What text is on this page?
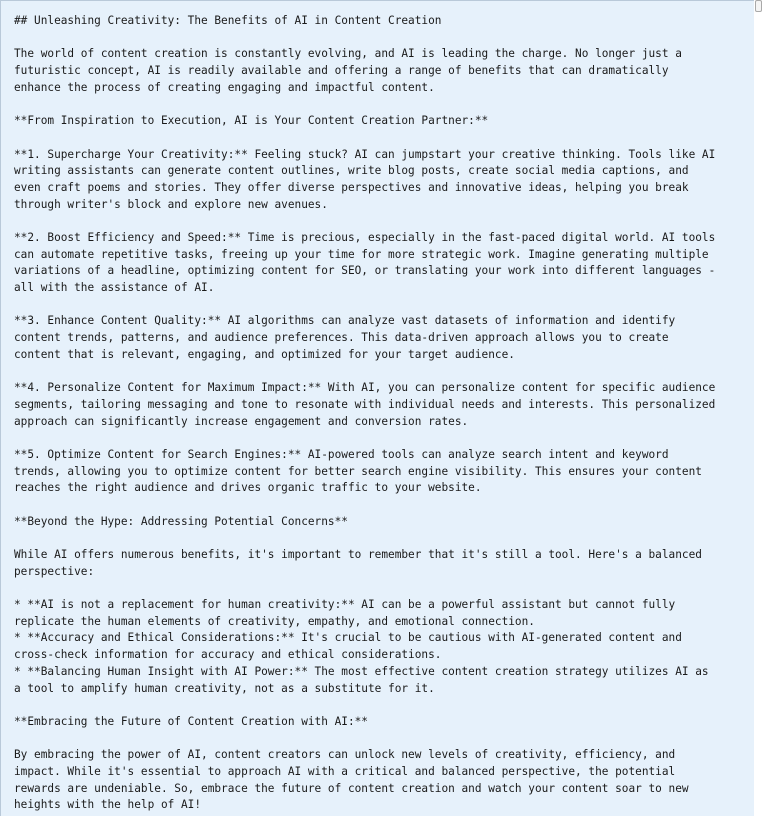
## Unleashing Creativity: The Benefits of AI in Content Creation
The world of content creation is constantly evolving, and AI is leading the charge. No longer just a
futuristic concept, AI is readily available and offering a range of benefits that can dramatically
enhance the process of creating engaging and impactful content.
**From Inspiration to Execution, AI is Your Content Creation Partner:**
**1. Supercharge Your Creativity:** Feeling stuck? AI can jumpstart your creative thinking. Tools like AI
writing assistants can generate content outlines, write blog posts, create social media captions, and
even craft poems and stories. They offer diverse perspectives and innovative ideas, helping you break
through writer's block and explore new avenues.
**2. Boost Efficiency and Speed:** Time is precious, especially in the fast-paced digital world. AI tools
can automate repetitive tasks, freeing up your time for more strategic work. Imagine generating multiple
variations of a headline, optimizing content for SEO, or translating your work into different languages -
all with the assistance of AI.
**3. Enhance Content Quality:** AI algorithms can analyze vast datasets of information and identify
content trends, patterns, and audience preferences. This data-driven approach allows you to create
content that is relevant, engaging, and optimized for your target audience.
**4. Personalize Content for Maximum Impact:** With AI, you can personalize content for specific audience
segments, tailoring messaging and tone to resonate with individual needs and interests. This personalized
approach can significantly increase engagement and conversion rates.
**5. Optimize Content for Search Engines:** AI-powered tools can analyze search intent and keyword
trends, allowing you to optimize content for better search engine visibility. This ensures your content
reaches the right audience and drives organic traffic to your website.
**Beyond the Hype: Addressing Potential Concerns**
While AI offers numerous benefits, it's important to remember that it's still a tool. Here's a balanced
perspective:
* **AI is not a replacement for human creativity:** AI can be a powerful assistant but cannot fully
replicate the human elements of creativity, empathy, and emotional connection.
* **Accuracy and Ethical Considerations:** It's crucial to be cautious with AI-generated content and
cross-check information for accuracy and ethical considerations.
* **Balancing Human Insight with AI Power:** The most effective content creation strategy utilizes AI as
a tool to amplify human creativity, not as a substitute for it.
**Embracing the Future of Content Creation with AI:**
By embracing the power of AI, content creators can unlock new levels of creativity, efficiency, and
impact. While it's essential to approach AI with a critical and balanced perspective, the potential
rewards are undeniable. So, embrace the future of content creation and watch your content soar to new
heights with the help of AI!
